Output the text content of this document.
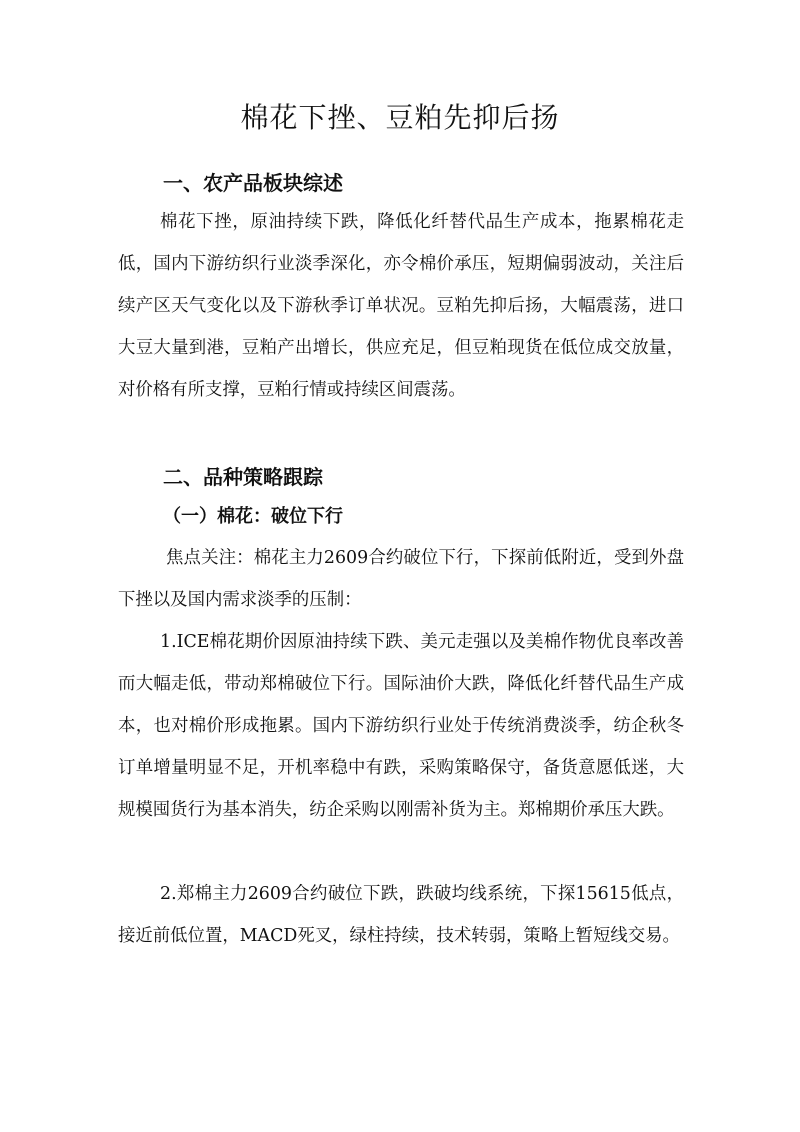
棉花下挫、豆粕先抑后扬
一、农产品板块综述

棉花下挫，原油持续下跌，降低化纤替代品生产成本，拖累棉花走低，国内下游纺织行业淡季深化，亦令棉价承压，短期偏弱波动，关注后续产区天气变化以及下游秋季订单状况。豆粕先抑后扬，大幅震荡，进口大豆大量到港，豆粕产出增长，供应充足，但豆粕现货在低位成交放量，对价格有所支撑，豆粕行情或持续区间震荡。

二、品种策略跟踪
（一）棉花：破位下行

焦点关注：棉花主力2609合约破位下行，下探前低附近，受到外盘下挫以及国内需求淡季的压制：

1.ICE棉花期价因原油持续下跌、美元走强以及美棉作物优良率改善而大幅走低，带动郑棉破位下行。国际油价大跌，降低化纤替代品生产成本，也对棉价形成拖累。国内下游纺织行业处于传统消费淡季，纺企秋冬订单增量明显不足，开机率稳中有跌，采购策略保守，备货意愿低迷，大规模囤货行为基本消失，纺企采购以刚需补货为主。郑棉期价承压大跌。

2.郑棉主力2609合约破位下跌，跌破均线系统，下探15615低点，接近前低位置，MACD死叉，绿柱持续，技术转弱，策略上暂短线交易。
